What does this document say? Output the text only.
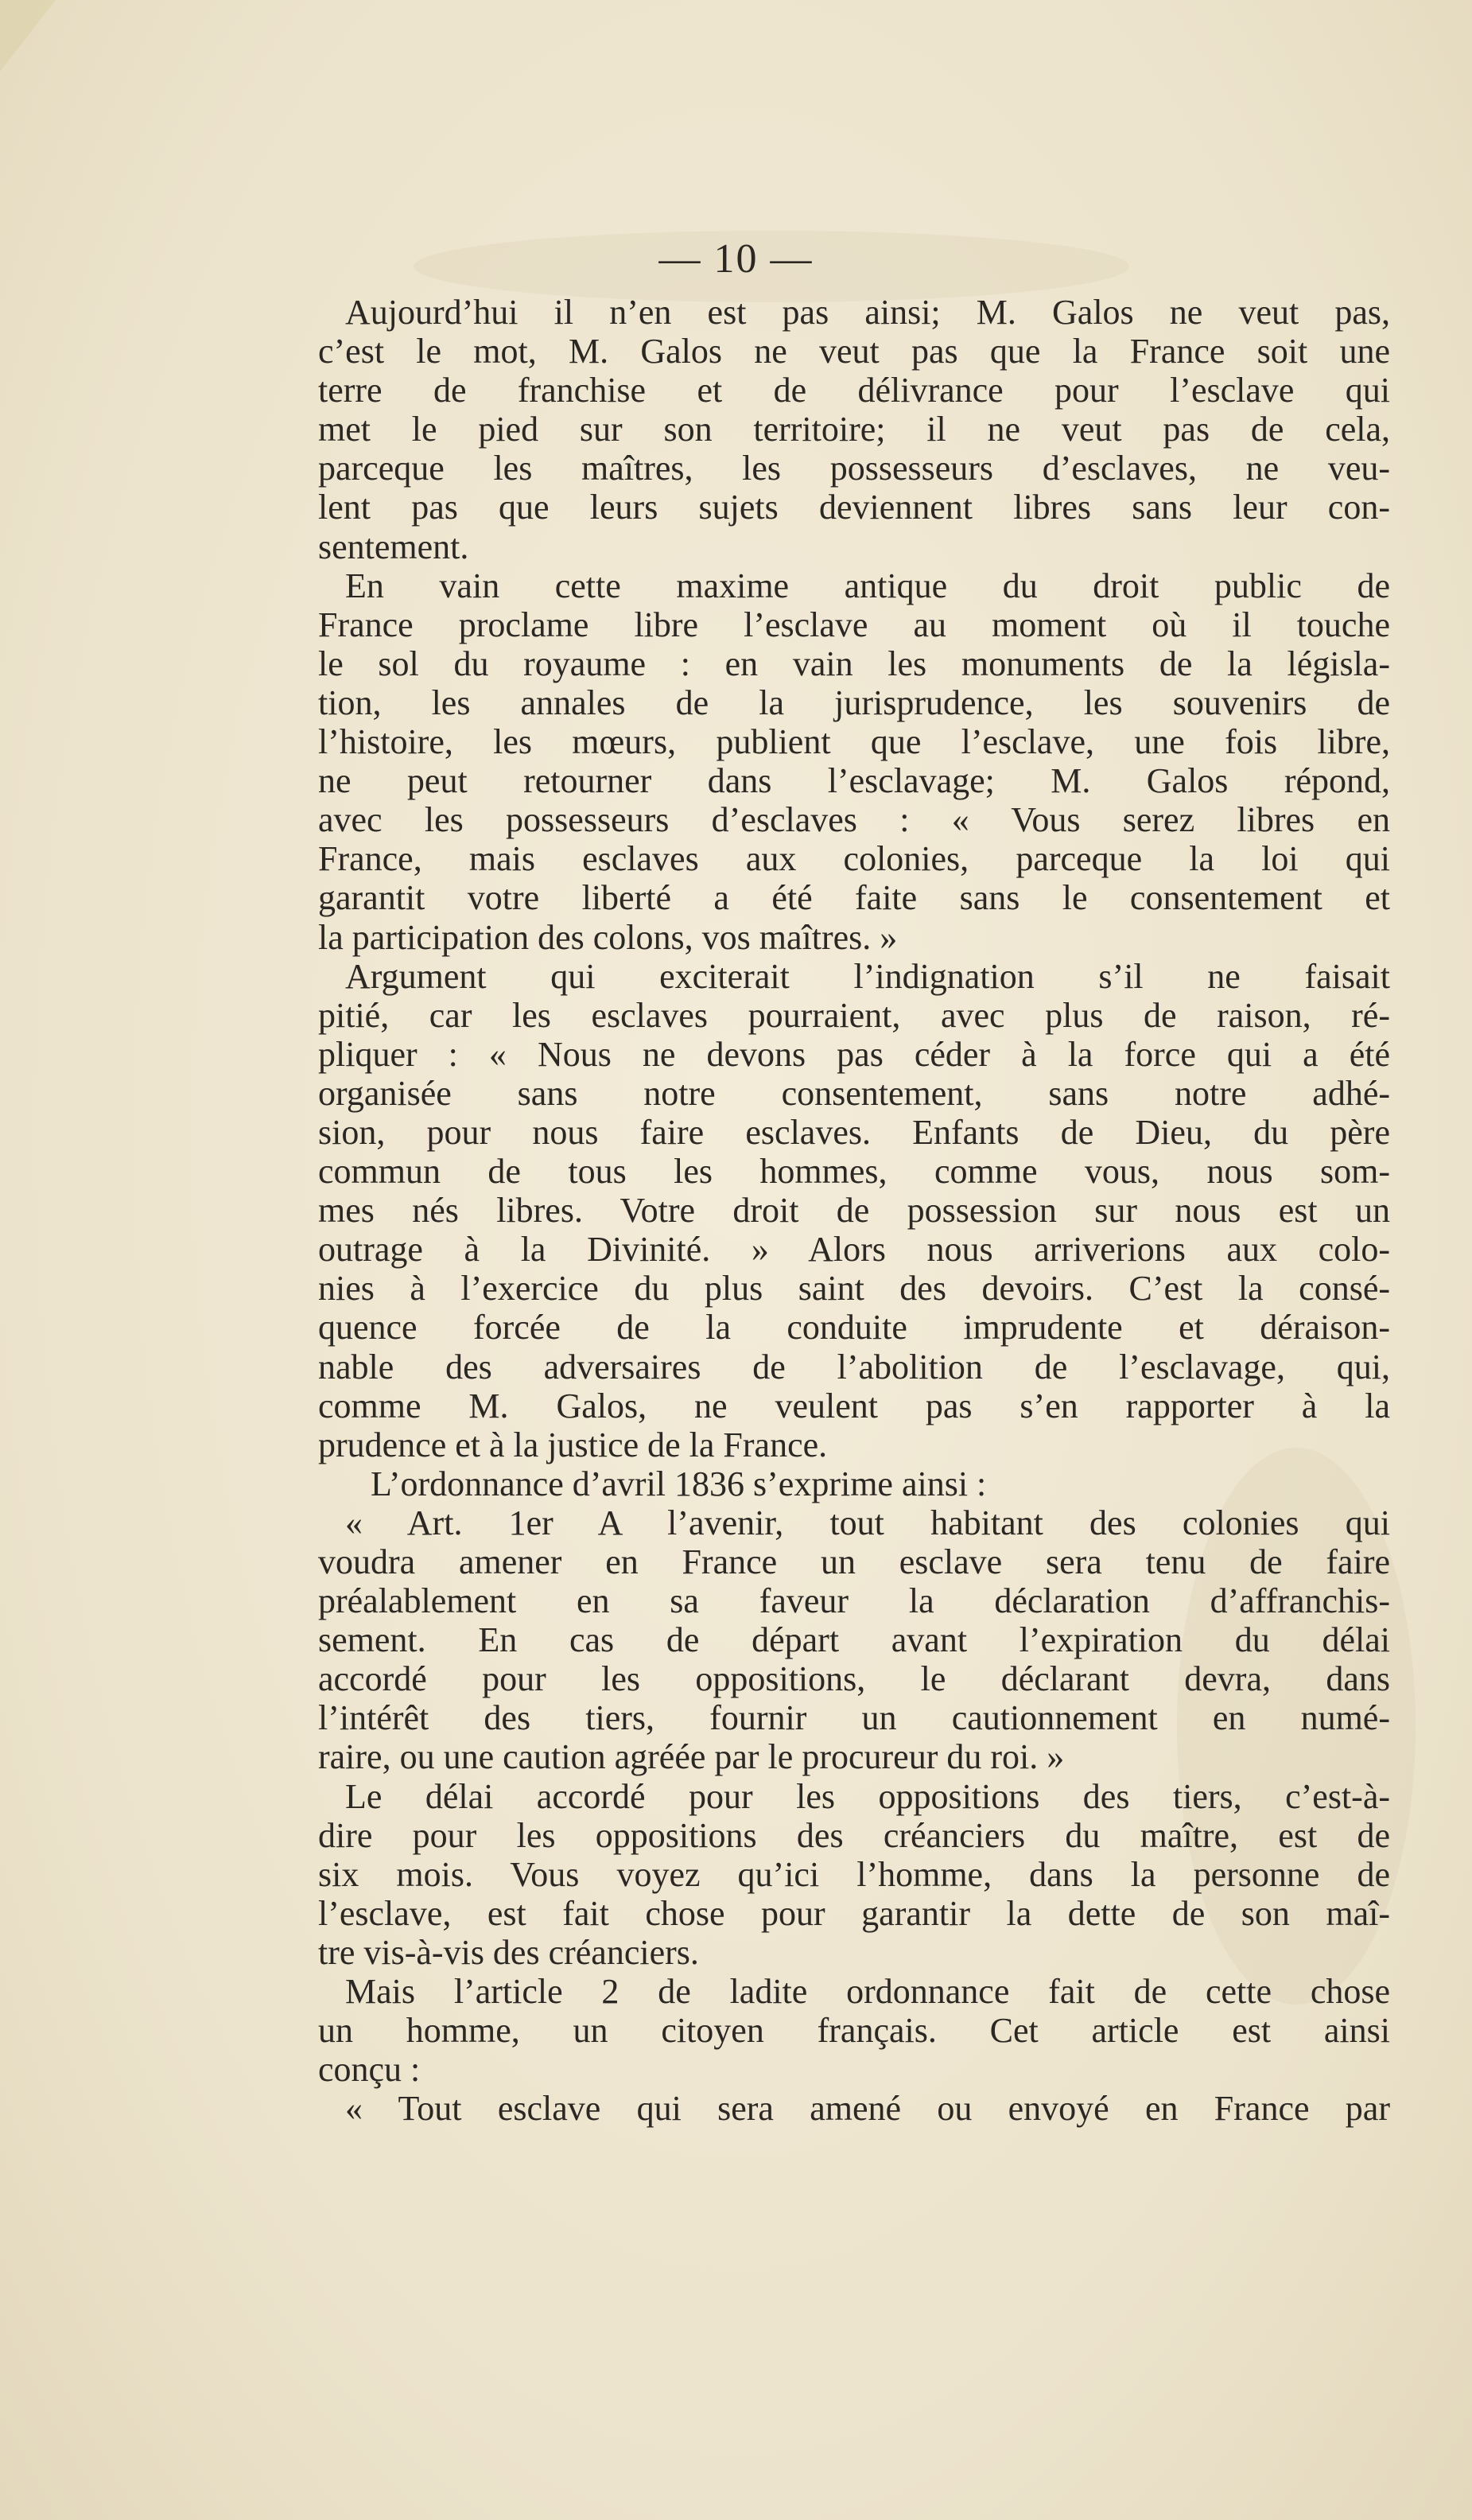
— 10 —
Aujourd’hui il n’en est pas ainsi; M. Galos ne veut pas,
c’est le mot, M. Galos ne veut pas que la France soit une
terre de franchise et de délivrance pour l’esclave qui
met le pied sur son territoire; il ne veut pas de cela,
parceque les maîtres, les possesseurs d’esclaves, ne veu-
lent pas que leurs sujets deviennent libres sans leur con-
sentement.
En vain cette maxime antique du droit public de
France proclame libre l’esclave au moment où il touche
le sol du royaume : en vain les monuments de la législa-
tion, les annales de la jurisprudence, les souvenirs de
l’histoire, les mœurs, publient que l’esclave, une fois libre,
ne peut retourner dans l’esclavage; M. Galos répond,
avec les possesseurs d’esclaves : « Vous serez libres en
France, mais esclaves aux colonies, parceque la loi qui
garantit votre liberté a été faite sans le consentement et
la participation des colons, vos maîtres. »
Argument qui exciterait l’indignation s’il ne faisait
pitié, car les esclaves pourraient, avec plus de raison, ré-
pliquer : « Nous ne devons pas céder à la force qui a été
organisée sans notre consentement, sans notre adhé-
sion, pour nous faire esclaves. Enfants de Dieu, du père
commun de tous les hommes, comme vous, nous som-
mes nés libres. Votre droit de possession sur nous est un
outrage à la Divinité. » Alors nous arriverions aux colo-
nies à l’exercice du plus saint des devoirs. C’est la consé-
quence forcée de la conduite imprudente et déraison-
nable des adversaires de l’abolition de l’esclavage, qui,
comme M. Galos, ne veulent pas s’en rapporter à la
prudence et à la justice de la France.
L’ordonnance d’avril 1836 s’exprime ainsi :
« Art. 1er A l’avenir, tout habitant des colonies qui
voudra amener en France un esclave sera tenu de faire
préalablement en sa faveur la déclaration d’affranchis-
sement. En cas de départ avant l’expiration du délai
accordé pour les oppositions, le déclarant devra, dans
l’intérêt des tiers, fournir un cautionnement en numé-
raire, ou une caution agréée par le procureur du roi. »
Le délai accordé pour les oppositions des tiers, c’est-à-
dire pour les oppositions des créanciers du maître, est de
six mois. Vous voyez qu’ici l’homme, dans la personne de
l’esclave, est fait chose pour garantir la dette de son maî-
tre vis-à-vis des créanciers.
Mais l’article 2 de ladite ordonnance fait de cette chose
un homme, un citoyen français. Cet article est ainsi
conçu :
« Tout esclave qui sera amené ou envoyé en France par
